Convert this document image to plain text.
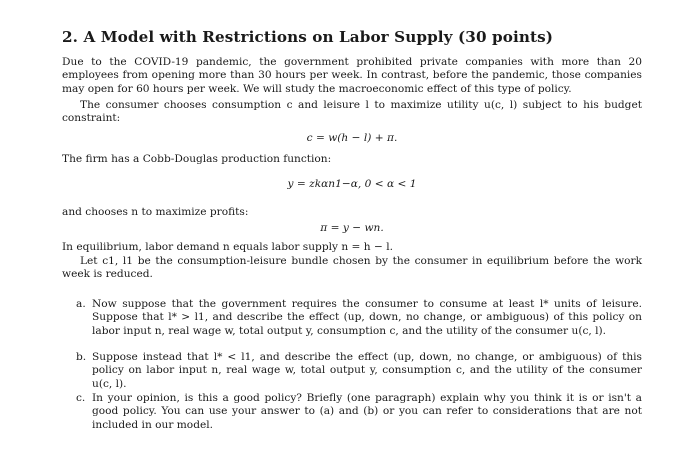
2. A Model with Restrictions on Labor Supply (30 points)

Due to the COVID-19 pandemic, the government prohibited private companies with more than 20 employees from opening more than 30 hours per week. In contrast, before the pandemic, those companies may open for 60 hours per week. We will study the macroeconomic effect of this type of policy.

The consumer chooses consumption c and leisure l to maximize utility u(c, l) subject to his budget constraint:

c = w(h − l) + π.

The firm has a Cobb-Douglas production function:

y = zkαn1−α, 0 < α < 1

and chooses n to maximize profits:

π = y − wn.

In equilibrium, labor demand n equals labor supply n = h − l.

Let c1, l1 be the consumption-leisure bundle chosen by the consumer in equilibrium before the work week is reduced.

a. Now suppose that the government requires the consumer to consume at least l* units of leisure. Suppose that l* > l1, and describe the effect (up, down, no change, or ambiguous) of this policy on labor input n, real wage w, total output y, consumption c, and the utility of the consumer u(c, l).
b. Suppose instead that l* < l1, and describe the effect (up, down, no change, or ambiguous) of this policy on labor input n, real wage w, total output y, consumption c, and the utility of the consumer u(c, l).
c. In your opinion, is this a good policy? Briefly (one paragraph) explain why you think it is or isn't a good policy. You can use your answer to (a) and (b) or you can refer to considerations that are not included in our model.
